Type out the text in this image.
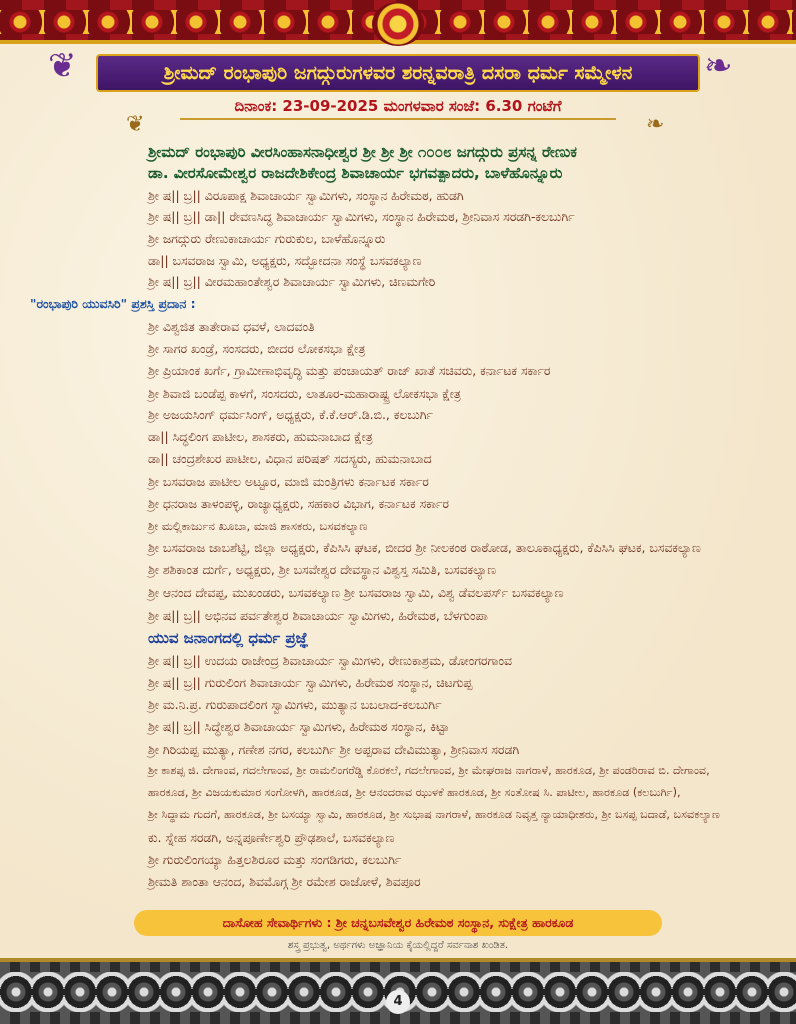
❦	❧
ಶ್ರೀಮದ್ ರಂಭಾಪುರಿ ಜಗದ್ಗುರುಗಳವರ ಶರನ್ನವರಾತ್ರಿ ದಸರಾ ಧರ್ಮ ಸಮ್ಮೇಳನ
❦	❧
ದಿನಾಂಕ: 23-09-2025 ಮಂಗಳವಾರ ಸಂಜೆ: 6.30 ಗಂಟೆಗೆ
ಶ್ರೀಮದ್ ರಂಭಾಪುರಿ ವೀರಸಿಂಹಾಸನಾಧೀಶ್ವರ ಶ್ರೀ ಶ್ರೀ ಶ್ರೀ ೧೦೦೮ ಜಗದ್ಗುರು ಪ್ರಸನ್ನ ರೇಣುಕ
ಡಾ. ವೀರಸೋಮೇಶ್ವರ ರಾಜದೇಶಿಕೇಂದ್ರ ಶಿವಾಚಾರ್ಯ ಭಗವತ್ಪಾದರು, ಬಾಳೆಹೊನ್ನೂರು
ಶ್ರೀ ಷ|| ಬ್ರ|| ವಿರೂಪಾಕ್ಷ ಶಿವಾಚಾರ್ಯ ಸ್ವಾಮಿಗಳು, ಸಂಸ್ಥಾನ ಹಿರೇಮಠ, ಹುಡಗಿ
ಶ್ರೀ ಷ|| ಬ್ರ|| ಡಾ|| ರೇವಣಸಿದ್ಧ ಶಿವಾಚಾರ್ಯ ಸ್ವಾಮಿಗಳು, ಸಂಸ್ಥಾನ ಹಿರೇಮಠ, ಶ್ರೀನಿವಾಸ ಸರಡಗಿ-ಕಲಬುರ್ಗಿ
ಶ್ರೀ ಜಗದ್ಗುರು ರೇಣುಕಾಚಾರ್ಯ ಗುರುಕುಲ, ಬಾಳೆಹೊನ್ನೂರು
ಡಾ|| ಬಸವರಾಜ ಸ್ವಾಮಿ, ಅಧ್ಯಕ್ಷರು, ಸದ್ಭೋದನಾ ಸಂಸ್ಥೆ ಬಸವಕಲ್ಯಾಣ
ಶ್ರೀ ಷ|| ಬ್ರ|| ವೀರಮಹಾಂತೇಶ್ವರ ಶಿವಾಚಾರ್ಯ ಸ್ವಾಮಿಗಳು, ಚಿಣಮಗೇರಿ
"ರಂಭಾಪುರಿ ಯುವಸಿರಿ" ಪ್ರಶಸ್ತಿ ಪ್ರದಾನ :
ಶ್ರೀ ವಿಶ್ವಜಿತ ತಾತೇರಾವ ಧವಳೆ, ಲಾದವಂತಿ
ಶ್ರೀ ಸಾಗರ ಖಂಡ್ರೆ, ಸಂಸದರು, ಬೀದರ ಲೋಕಸಭಾ ಕ್ಷೇತ್ರ
ಶ್ರೀ ಪ್ರಿಯಾಂಕ ಖರ್ಗೆ, ಗ್ರಾಮೀಣಾಭಿವೃದ್ಧಿ ಮತ್ತು ಪಂಚಾಯತ್ ರಾಜ್ ಖಾತೆ ಸಚಿವರು, ಕರ್ನಾಟಕ ಸರ್ಕಾರ
ಶ್ರೀ ಶಿವಾಜಿ ಬಂಡೆಪ್ಪ ಕಾಳಗೆ, ಸಂಸದರು, ಲಾತೂರ-ಮಹಾರಾಷ್ಟ್ರ ಲೋಕಸಭಾ ಕ್ಷೇತ್ರ
ಶ್ರೀ ಅಜಯಸಿಂಗ್ ಧರ್ಮಸಿಂಗ್, ಅಧ್ಯಕ್ಷರು, ಕೆ.ಕೆ.ಆರ್.ಡಿ.ಬಿ., ಕಲಬುರ್ಗಿ
ಡಾ|| ಸಿದ್ಧಲಿಂಗ ಪಾಟೀಲ, ಶಾಸಕರು, ಹುಮನಾಬಾದ ಕ್ಷೇತ್ರ
ಡಾ|| ಚಂದ್ರಶೇಖರ ಪಾಟೀಲ, ವಿಧಾನ ಪರಿಷತ್ ಸದಸ್ಯರು, ಹುಮನಾಬಾದ
ಶ್ರೀ ಬಸವರಾಜ ಪಾಟೀಲ ಅಟ್ಟೂರ, ಮಾಜಿ ಮಂತ್ರಿಗಳು ಕರ್ನಾಟಕ ಸರ್ಕಾರ
ಶ್ರೀ ಧನರಾಜ ತಾಳಂಪಳ್ಳಿ, ರಾಜ್ಯಾಧ್ಯಕ್ಷರು, ಸಹಕಾರ ವಿಭಾಗ, ಕರ್ನಾಟಕ ಸರ್ಕಾರ
ಶ್ರೀ ಮಲ್ಲಿಕಾರ್ಜುನ ಖೂಬಾ, ಮಾಜಿ ಶಾಸಕರು, ಬಸವಕಲ್ಯಾಣ
ಶ್ರೀ ಬಸವರಾಜ ಜಾಬಶೆಟ್ಟಿ, ಜಿಲ್ಲಾ ಅಧ್ಯಕ್ಷರು, ಕೆಪಿಸಿಸಿ ಘಟಕ, ಬೀದರ ಶ್ರೀ ನೀಲಕಂಠ ರಾಠೋಡ, ತಾಲೂಕಾಧ್ಯಕ್ಷರು, ಕೆಪಿಸಿಸಿ ಘಟಕ, ಬಸವಕಲ್ಯಾಣ
ಶ್ರೀ ಶಶಿಕಾಂತ ದುರ್ಗೆ, ಅಧ್ಯಕ್ಷರು, ಶ್ರೀ ಬಸವೇಶ್ವರ ದೇವಸ್ಥಾನ ವಿಶ್ವಸ್ತ ಸಮಿತಿ, ಬಸವಕಲ್ಯಾಣ
ಶ್ರೀ ಆನಂದ ದೇವಪ್ಪ, ಮುಖಂಡರು, ಬಸವಕಲ್ಯಾಣ ಶ್ರೀ ಬಸವರಾಜ ಸ್ವಾಮಿ, ವಿಶ್ವ ಡೆವಲಪರ್ಸ್ ಬಸವಕಲ್ಯಾಣ
ಶ್ರೀ ಷ|| ಬ್ರ|| ಅಭಿನವ ಪರ್ವತೇಶ್ವರ ಶಿವಾಚಾರ್ಯ ಸ್ವಾಮಿಗಳು, ಹಿರೇಮಠ, ಬೆಳಗುಂಪಾ
ಯುವ ಜನಾಂಗದಲ್ಲಿ ಧರ್ಮ ಪ್ರಜ್ಞೆ
ಶ್ರೀ ಷ|| ಬ್ರ|| ಉದಯ ರಾಜೇಂದ್ರ ಶಿವಾಚಾರ್ಯ ಸ್ವಾಮಿಗಳು, ರೇಣುಕಾಶ್ರಮ, ಡೋಂಗರಗಾಂವ
ಶ್ರೀ ಷ|| ಬ್ರ|| ಗುರುಲಿಂಗ ಶಿವಾಚಾರ್ಯ ಸ್ವಾಮಿಗಳು, ಹಿರೇಮಠ ಸಂಸ್ಥಾನ, ಚಿಟಗುಪ್ಪ
ಶ್ರೀ ಮ.ನಿ.ಪ್ರ. ಗುರುಪಾದಲಿಂಗ ಸ್ವಾಮಿಗಳು, ಮುತ್ಯಾನ ಬಬಲಾದ-ಕಲಬುರ್ಗಿ
ಶ್ರೀ ಷ|| ಬ್ರ|| ಸಿದ್ಧೇಶ್ವರ ಶಿವಾಚಾರ್ಯ ಸ್ವಾಮಿಗಳು, ಹಿರೇಮಠ ಸಂಸ್ಥಾನ, ಕಿಟ್ಟಾ
ಶ್ರೀ ಗಿರಿಯಪ್ಪ ಮುತ್ಯಾ, ಗಣೇಶ ನಗರ, ಕಲಬುರ್ಗಿ ಶ್ರೀ ಅಪ್ಪರಾವ ದೇವಿಮುತ್ಯಾ, ಶ್ರೀನಿವಾಸ ಸರಡಗಿ
ಶ್ರೀ ಕಾಶಪ್ಪ ಜಿ. ದೇಗಾಂವ, ಗದಲೇಗಾಂವ, ಶ್ರೀ ರಾಮಲಿಂಗರೆಡ್ಡಿ ಕೊರಕಲೆ, ಗದಲೇಗಾಂವ, ಶ್ರೀ ಮೇಘರಾಜ ನಾಗರಾಳೆ, ಹಾರಕೂಡ, ಶ್ರೀ ಪಂಡರಿರಾವ ಬಿ. ದೇಗಾಂವ,
ಹಾರಕೂಡ, ಶ್ರೀ ವಿಜಯಕುಮಾರ ಸಂಗೋಳಗಿ, ಹಾರಕೂಡ, ಶ್ರೀ ಆನಂದರಾವ ಝುಳಕೆ ಹಾರಕೂಡ, ಶ್ರೀ ಸಂತೋಷ ಸಿ. ಪಾಟೀಲ, ಹಾರಕೂಡ (ಕಲಬುರ್ಗಿ),
ಶ್ರೀ ಸಿದ್ಧಾಮ ಗುದಗೆ, ಹಾರಕೂಡ, ಶ್ರೀ ಬಸಯ್ಯಾ ಸ್ವಾಮಿ, ಹಾರಕೂಡ, ಶ್ರೀ ಸುಭಾಷ ನಾಗರಾಳೆ, ಹಾರಕೂಡ ನಿವೃತ್ತ ನ್ಯಾಯಾಧೀಶರು, ಶ್ರೀ ಬಸಪ್ಪ ಬದಾಡೆ, ಬಸವಕಲ್ಯಾಣ
ಕು. ಸ್ನೇಹ ಸರಡಗಿ, ಅನ್ನಪೂರ್ಣೇಶ್ವರಿ ಪ್ರೌಢಶಾಲೆ, ಬಸವಕಲ್ಯಾಣ
ಶ್ರೀ ಗುರುಲಿಂಗಯ್ಯಾ ಹಿತ್ತಲಶಿರೂರ ಮತ್ತು ಸಂಗಡಿಗರು, ಕಲಬುರ್ಗಿ
ಶ್ರೀಮತಿ ಶಾಂತಾ ಆನಂದ, ಶಿವಮೊಗ್ಗ ಶ್ರೀ ರಮೇಶ ರಾಜೋಳೆ, ಶಿವಪೂರ
ದಾಸೋಹ ಸೇವಾರ್ಥಿಗಳು : ಶ್ರೀ ಚನ್ನಬಸವೇಶ್ವರ ಹಿರೇಮಠ ಸಂಸ್ಥಾನ, ಸುಕ್ಷೇತ್ರ ಹಾರಕೂಡ
ಶಸ್ತ್ರ ಪ್ರಭುತ್ವ, ಅರ್ಥಗಳು ಅಜ್ಞಾನಿಯ ಕೈಯಲ್ಲಿದ್ದರೆ ಸರ್ವನಾಶ ಖಂಡಿತ.
4
